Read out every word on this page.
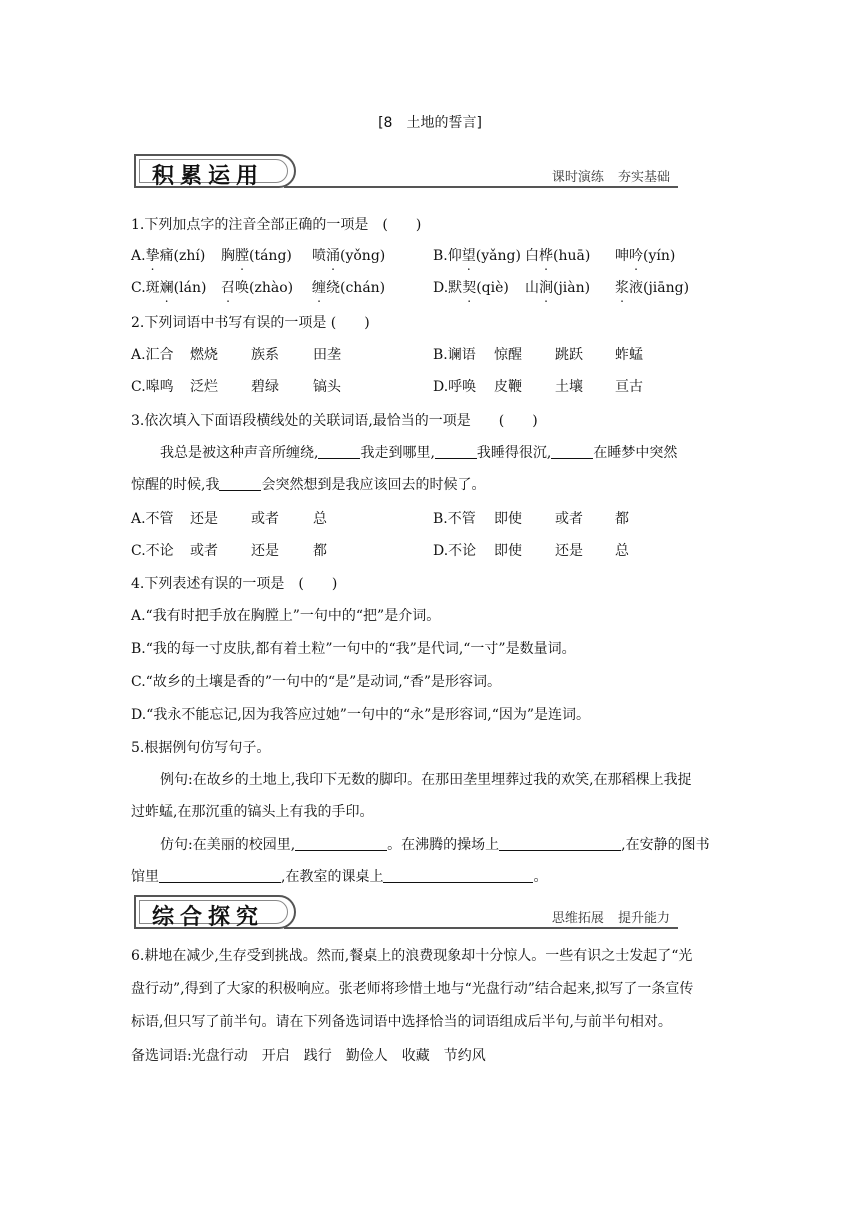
[8　土地的誓言]
积累运用	课时演练 夯实基础
1.下列加点字的注音全部正确的一项是　(　　)
A.挚痛(zhí) 胸膛(táng) 喷涌(yǒng)	B.仰望(yǎng) 白桦(huā) 呻吟(yín)
C.斑斓(lán) 召唤(zhào) 缠绕(chán)	D.默契(qiè) 山涧(jiàn) 浆液(jiāng)
2.下列词语中书写有误的一项是 (　　)
A.汇合 燃烧 族系 田垄	B.谰语 惊醒 跳跃 蚱蜢
C.嗥鸣 泛烂 碧绿 镐头	D.呼唤 皮鞭 土壤 亘古
3.依次填入下面语段横线处的关联词语,最恰当的一项是　　(　　)
我总是被这种声音所缠绕,	我走到哪里,	我睡得很沉,	在睡梦中突然
惊醒的时候,我	会突然想到是我应该回去的时候了。
A.不管 还是 或者 总	B.不管 即使 或者 都
C.不论 或者 还是 都	D.不论 即使 还是 总
4.下列表述有误的一项是　(　　)
A.“我有时把手放在胸膛上”一句中的“把”是介词。
B.“我的每一寸皮肤,都有着土粒”一句中的“我”是代词,“一寸”是数量词。
C.“故乡的土壤是香的”一句中的“是”是动词,“香”是形容词。
D.“我永不能忘记,因为我答应过她”一句中的“永”是形容词,“因为”是连词。
5.根据例句仿写句子。
例句:在故乡的土地上,我印下无数的脚印。在那田垄里埋葬过我的欢笑,在那稻棵上我捉
过蚱蜢,在那沉重的镐头上有我的手印。
仿句:在美丽的校园里,	。在沸腾的操场上	,在安静的图书
馆里	,在教室的课桌上	。
综合探究	思维拓展 提升能力
6.耕地在减少,生存受到挑战。然而,餐桌上的浪费现象却十分惊人。一些有识之士发起了“光
盘行动”,得到了大家的积极响应。张老师将珍惜土地与“光盘行动”结合起来,拟写了一条宣传
标语,但只写了前半句。请在下列备选词语中选择恰当的词语组成后半句,与前半句相对。
备选词语:光盘行动　开启　践行　勤俭人　收藏　节约风
